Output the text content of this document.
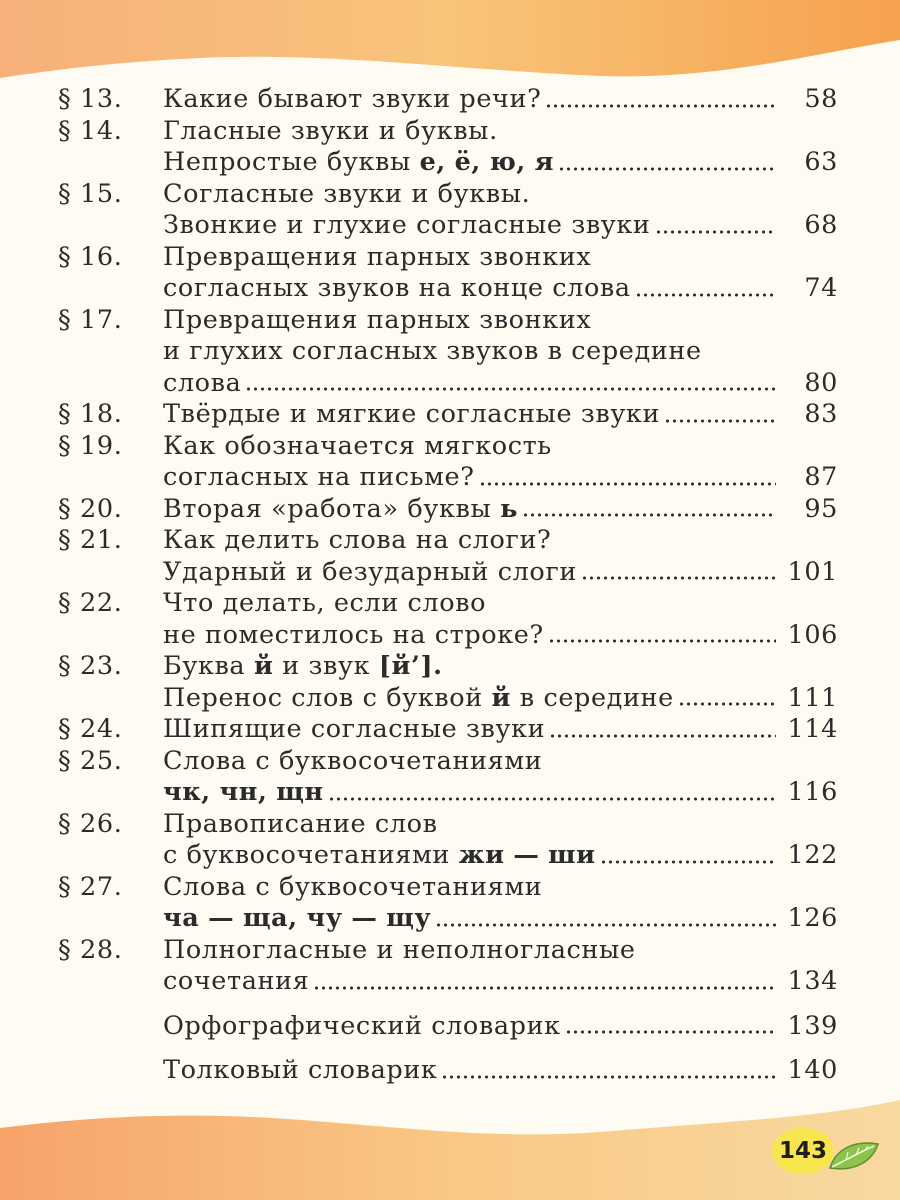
§ 13.	Какие бывают звуки речи?	58
§ 14.	Гласные звуки и буквы.
Непростые буквы е, ё, ю, я	63
§ 15.	Согласные звуки и буквы.
Звонкие и глухие согласные звуки	68
§ 16.	Превращения парных звонких
согласных звуков на конце слова	74
§ 17.	Превращения парных звонких
и глухих согласных звуков в середине
слова	80
§ 18.	Твёрдые и мягкие согласные звуки	83
§ 19.	Как обозначается мягкость
согласных на письме?	87
§ 20.	Вторая «работа» буквы ь	95
§ 21.	Как делить слова на слоги?
Ударный и безударный слоги	101
§ 22.	Что делать, если слово
не поместилось на строке?	106
§ 23.	Буква й и звук [й’].
Перенос слов с буквой й в середине	111
§ 24.	Шипящие согласные звуки	114
§ 25.	Слова с буквосочетаниями
чк, чн, щн	116
§ 26.	Правописание слов
с буквосочетаниями жи — ши	122
§ 27.	Слова с буквосочетаниями
ча — ща, чу — щу	126
§ 28.	Полногласные и неполногласные
сочетания	134
Орфографический словарик	139
Толковый словарик	140
143
